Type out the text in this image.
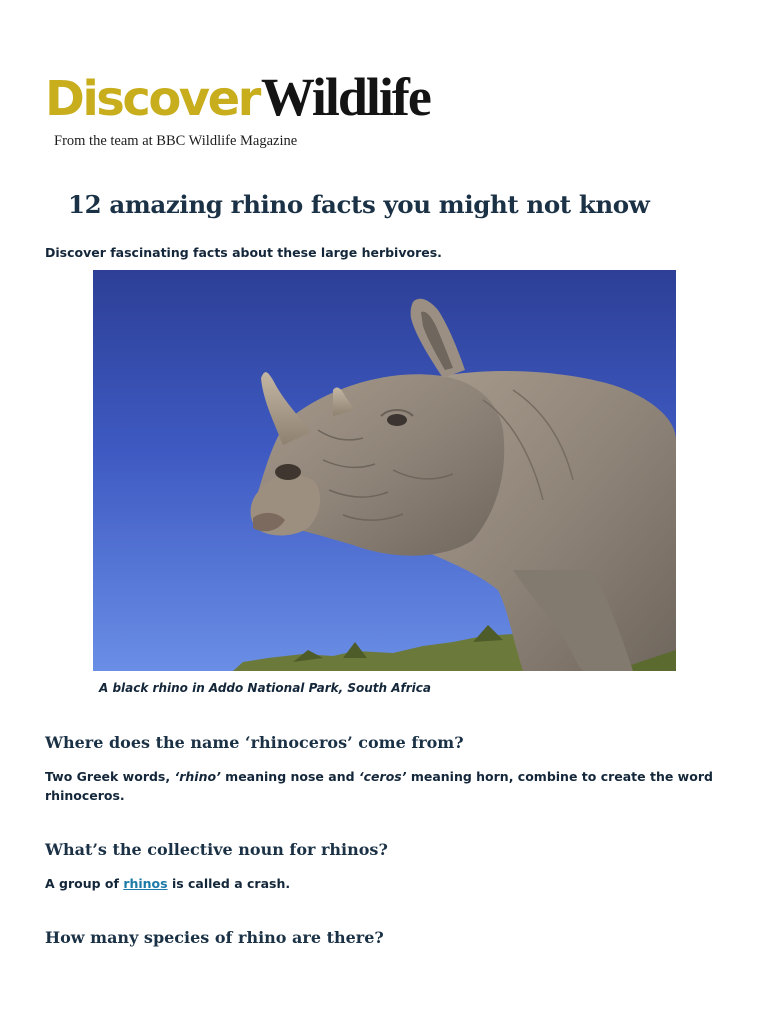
DiscoverWildlife

From the team at BBC Wildlife Magazine

12 amazing rhino facts you might not know

Discover fascinating facts about these large herbivores.

A black rhino in Addo National Park, South Africa

Where does the name ‘rhinoceros’ come from?

Two Greek words, ‘rhino’ meaning nose and ‘ceros’ meaning horn, combine to create the word rhinoceros.

What’s the collective noun for rhinos?

A group of rhinos is called a crash.

How many species of rhino are there?
